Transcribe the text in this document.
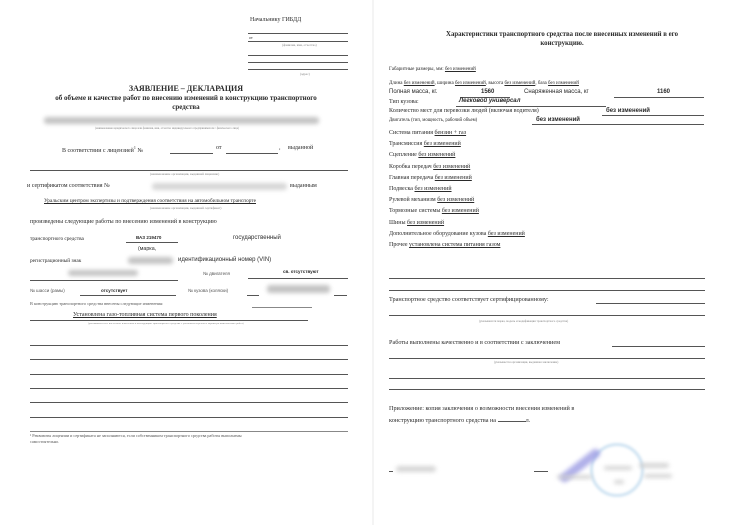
Начальнику ГИБДД
от
(фамилия, имя, отчество)
(адрес)
ЗАЯВЛЕНИЕ – ДЕКЛАРАЦИЯ
об объеме и качестве работ по внесению изменений в конструкцию транспортного
средства
(наименование юридического лица или фамилия, имя, отчество индивидуального предпринимателя / физического лица)
В соответствии с лицензией$^1$ №	от	, выданной
(наименование организации, выдавшей лицензию)
и сертификатом соответствия №	выданным
Уральским центром экспертизы и подтверждения соответствия на автомобильном транспорте
(наименование организации, выдавшей сертификат)
произведены следующие работы по внесению изменений в конструкцию
транспортного средства	ВАЗ 219470
(марка,
государственный
регистрационный знак	идентификационный номер (VIN)
№ двигателя	св. отсутствуют
№ шасси (рамы)	отсутствует	№ кузова (коляски)
В конструкцию транспортного средства внесены следующие изменения:
Установлена газо-топливная система первого поколения
(указываются все внесенные изменения в конструкцию транспортного средства с указанием перечня и характера выполненных работ)
¹ Реквизиты лицензии и сертификата не заполняются, если собственником транспортного средства работы выполнены
самостоятельно.
Характеристики транспортного средства после внесенных изменений в его
конструкцию.
Габаритные размеры, мм: без изменений
Длина без изменений, ширина без изменений, высота без изменений, база без изменений
Полная масса, кг.	1560	Снаряженная масса, кг	1160
Тип кузова:	Легковой универсал
Количество мест для перевозки людей (включая водителя)	без изменений
Двигатель (тип, мощность, рабочий объем)	без изменений
Система питания бензин + газ
Трансмиссия без изменений
Сцепление без изменений
Коробка передач без изменений
Главная передача без изменений
Подвеска без изменений
Рулевой механизм без изменений
Тормозные системы без изменений
Шины без изменений
Дополнительное оборудование кузова без изменений
Прочее установлена система питания газом
Транспортное средство соответствует сертифицированному:
(указываются марка, модель и модификация транспортного средства)
Работы выполнены качественно и в соответствии с заключением
(указывается организация, выдавшая заключение)
Приложение: копия заключения о возможности внесения изменений в
конструкцию транспортного средства на	л.
